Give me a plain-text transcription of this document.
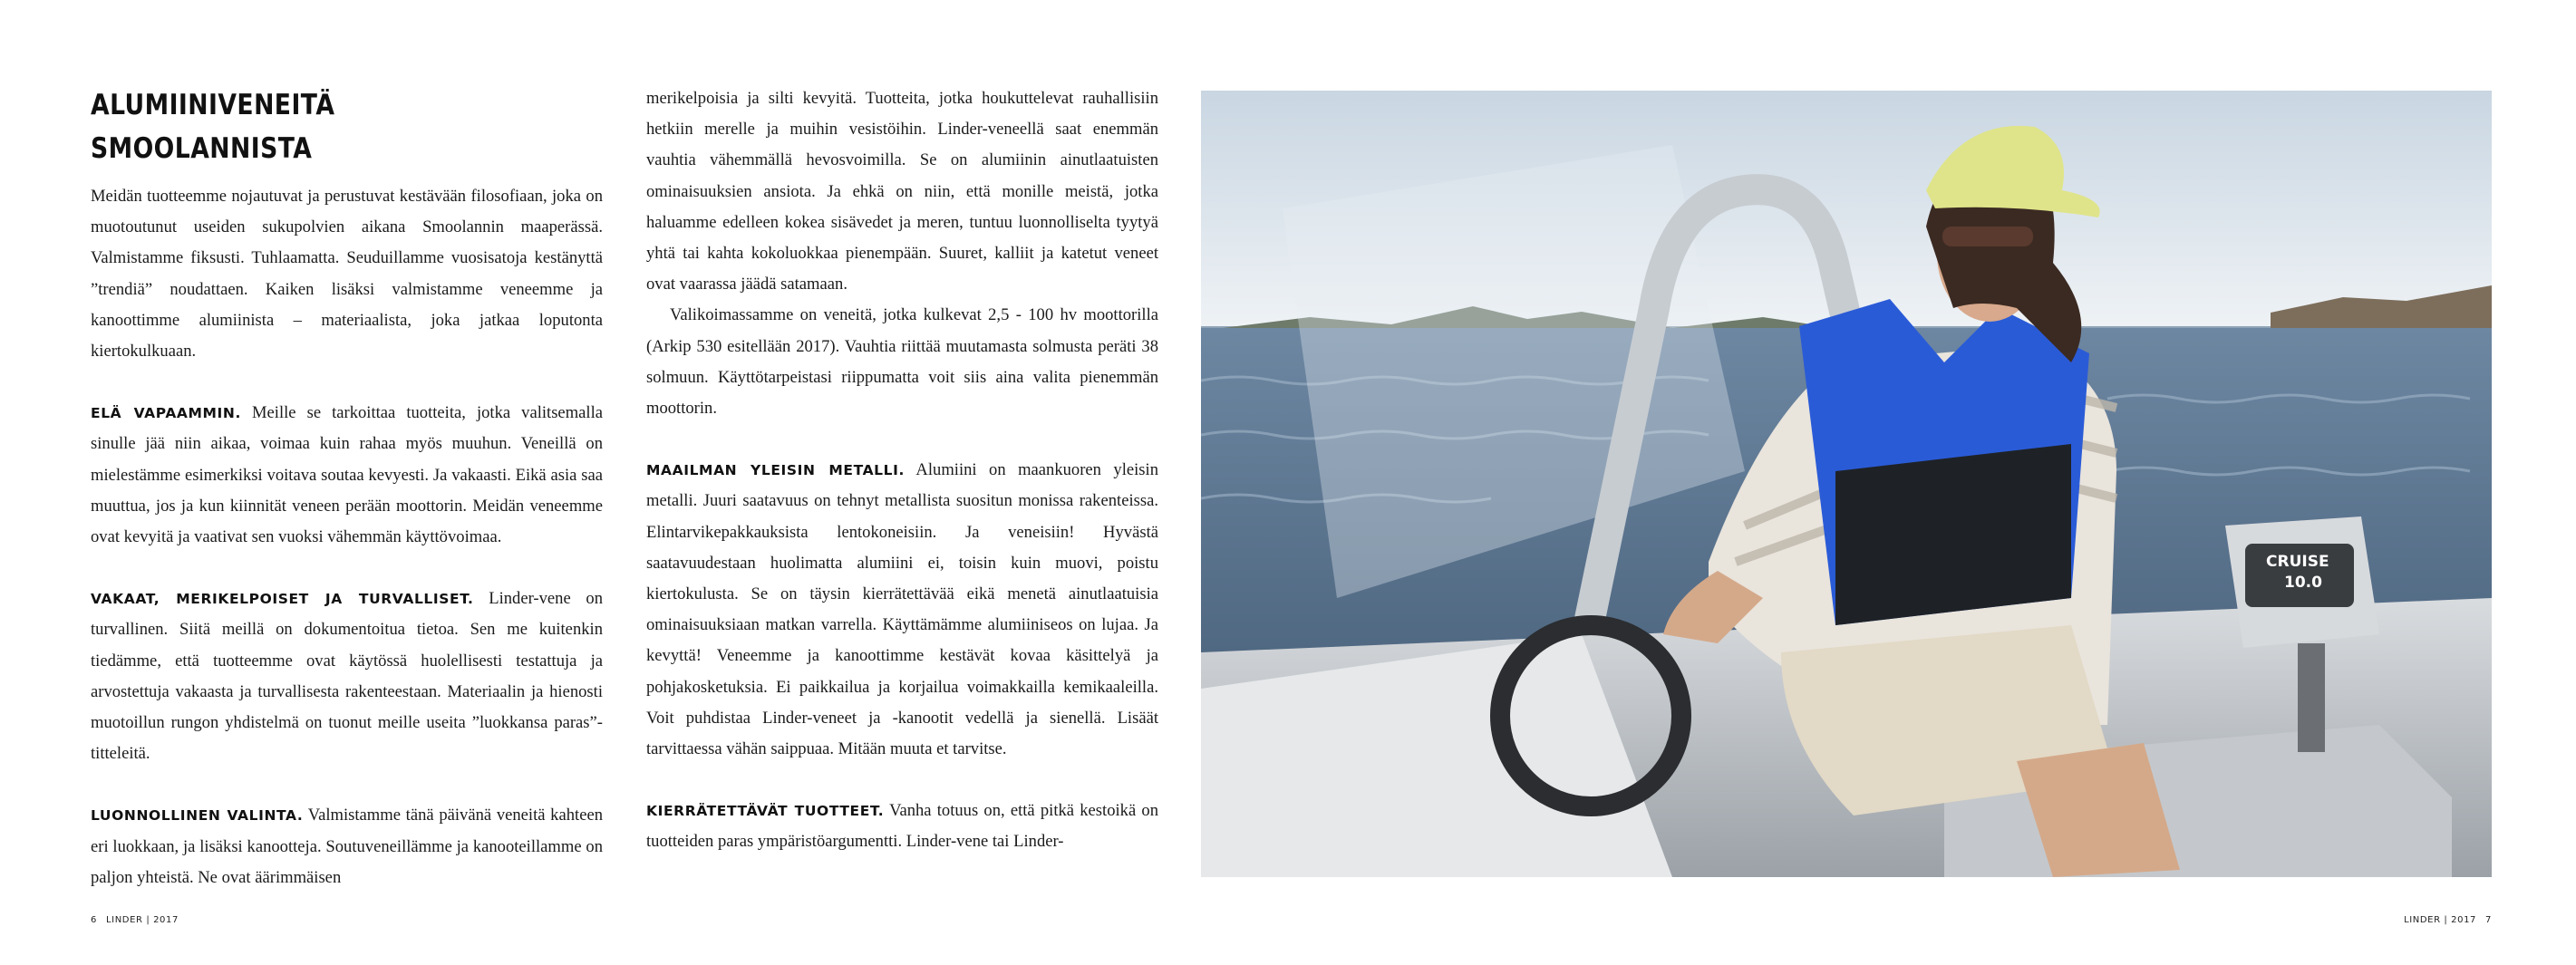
ALUMIINIVENEITÄ SMOOLANNISTA

Meidän tuotteemme nojautuvat ja perustuvat kestävään filosofiaan, joka on muotoutunut useiden sukupolvien aikana Smoolannin maaperässä. Valmistamme fiksusti. Tuhlaamatta. Seuduillamme vuosisatoja kestänyttä ”trendiä” noudattaen. Kaiken lisäksi valmistamme veneemme ja kanoottimme alumiinista – materiaalista, joka jatkaa loputonta kiertokulkuaan.

ELÄ VAPAAMMIN. Meille se tarkoittaa tuotteita, jotka valitsemalla sinulle jää niin aikaa, voimaa kuin rahaa myös muuhun. Veneillä on mielestämme esimerkiksi voitava soutaa kevyesti. Ja vakaasti. Eikä asia saa muuttua, jos ja kun kiinnität veneen perään moottorin. Meidän veneemme ovat kevyitä ja vaativat sen vuoksi vähemmän käyttövoimaa.

VAKAAT, MERIKELPOISET JA TURVALLISET. Linder-vene on turvallinen. Siitä meillä on dokumentoitua tietoa. Sen me kuitenkin tiedämme, että tuotteemme ovat käytössä huolellisesti testattuja ja arvostettuja vakaasta ja turvallisesta rakenteestaan. Materiaalin ja hienosti muotoillun rungon yhdistelmä on tuonut meille useita ”luokkansa paras”-titteleitä.

LUONNOLLINEN VALINTA. Valmistamme tänä päivänä veneitä kahteen eri luokkaan, ja lisäksi kanootteja. Soutuveneillämme ja kanooteillamme on paljon yhteistä. Ne ovat äärimmäisen

merikelpoisia ja silti kevyitä. Tuotteita, jotka houkuttelevat rauhallisiin hetkiin merelle ja muihin vesistöihin. Linder-veneellä saat enemmän vauhtia vähemmällä hevosvoimilla. Se on alumiinin ainutlaatuisten ominaisuuksien ansiota. Ja ehkä on niin, että monille meistä, jotka haluamme edelleen kokea sisävedet ja meren, tuntuu luonnolliselta tyytyä yhtä tai kahta kokoluokkaa pienempään. Suuret, kalliit ja katetut veneet ovat vaarassa jäädä satamaan.

Valikoimassamme on veneitä, jotka kulkevat 2,5 - 100 hv moottorilla (Arkip 530 esitellään 2017). Vauhtia riittää muutamasta solmusta peräti 38 solmuun. Käyttötarpeistasi riippumatta voit siis aina valita pienemmän moottorin.

MAAILMAN YLEISIN METALLI. Alumiini on maankuoren yleisin metalli. Juuri saatavuus on tehnyt metallista suositun monissa rakenteissa. Elintarvikepakkauksista lentokoneisiin. Ja veneisiin! Hyvästä saatavuudestaan huolimatta alumiini ei, toisin kuin muovi, poistu kiertokulusta. Se on täysin kierrätettävää eikä menetä ainutlaatuisia ominaisuuksiaan matkan varrella. Käyttämämme alumiiniseos on lujaa. Ja kevyttä! Veneemme ja kanoottimme kestävät kovaa käsittelyä ja pohjakosketuksia. Ei paikkailua ja korjailua voimakkailla kemikaaleilla. Voit puhdistaa Linder-veneet ja -kanootit vedellä ja sienellä. Lisäät tarvittaessa vähän saippuaa. Mitään muuta et tarvitse.

KIERRÄTETTÄVÄT TUOTTEET. Vanha totuus on, että pitkä kestoikä on tuotteiden paras ympäristöargumentti. Linder-vene tai Linder-

CRUISE
10.0
6 LINDER | 2017	LINDER | 2017 7
